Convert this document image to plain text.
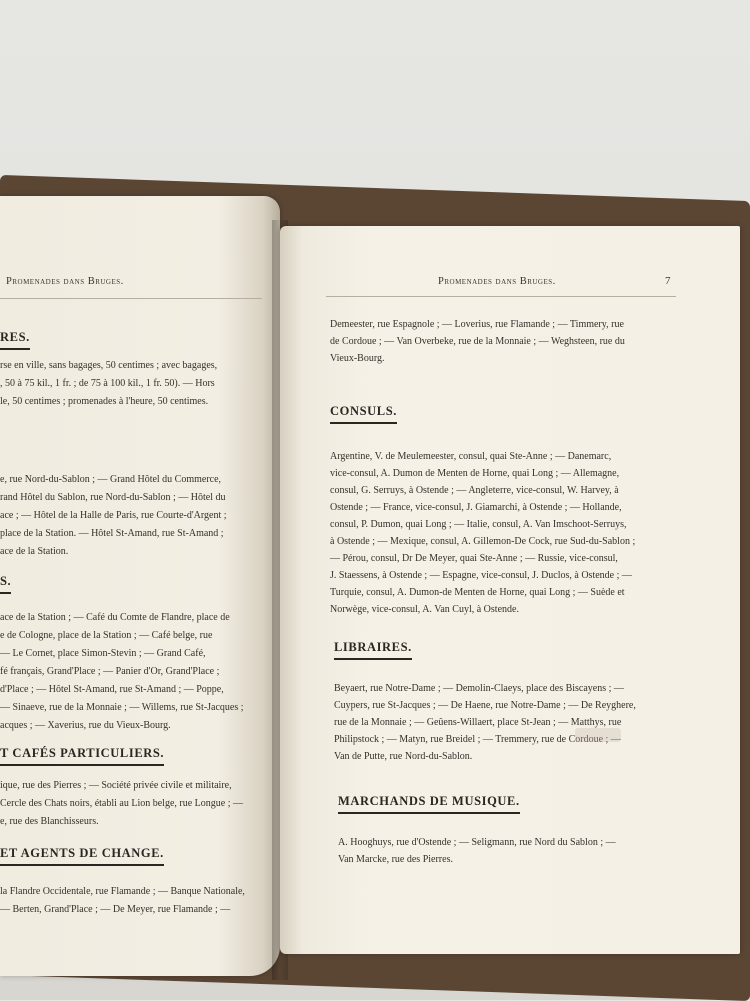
Promenades dans Bruges.
RES.
rse en ville, sans bagages, 50 centimes ; avec bagages,
, 50 à 75 kil., 1 fr. ; de 75 à 100 kil., 1 fr. 50). — Hors
le, 50 centimes ; promenades à l'heure, 50 centimes.
e, rue Nord-du-Sablon ; — Grand Hôtel du Commerce,
rand Hôtel du Sablon, rue Nord-du-Sablon ; — Hôtel du
ace ; — Hôtel de la Halle de Paris, rue Courte-d'Argent ;
place de la Station. — Hôtel St-Amand, rue St-Amand ;
ace de la Station.
S.
ace de la Station ; — Café du Comte de Flandre, place de
e de Cologne, place de la Station ; — Café belge, rue
— Le Cornet, place Simon-Stevin ; — Grand Café,
fé français, Grand'Place ; — Panier d'Or, Grand'Place ;
d'Place ; — Hôtel St-Amand, rue St-Amand ; — Poppe,
— Sinaeve, rue de la Monnaie ; — Willems, rue St-Jacques ;
acques ; — Xaverius, rue du Vieux-Bourg.
T CAFÉS PARTICULIERS.
ique, rue des Pierres ; — Société privée civile et militaire,
Cercle des Chats noirs, établi au Lion belge, rue Longue ; —
e, rue des Blanchisseurs.
ET AGENTS DE CHANGE.
la Flandre Occidentale, rue Flamande ; — Banque Nationale,
— Berten, Grand'Place ; — De Meyer, rue Flamande ; —
Promenades dans Bruges.	7
Demeester, rue Espagnole ; — Loverius, rue Flamande ; — Timmery, rue
de Cordoue ; — Van Overbeke, rue de la Monnaie ; — Weghsteen, rue du
Vieux-Bourg.
CONSULS.
Argentine, V. de Meulemeester, consul, quai Ste-Anne ; — Danemarc,
vice-consul, A. Dumon de Menten de Horne, quai Long ; — Allemagne,
consul, G. Serruys, à Ostende ; — Angleterre, vice-consul, W. Harvey, à
Ostende ; — France, vice-consul, J. Giamarchi, à Ostende ; — Hollande,
consul, P. Dumon, quai Long ; — Italie, consul, A. Van Imschoot-Serruys,
à Ostende ; — Mexique, consul, A. Gillemon-De Cock, rue Sud-du-Sablon ;
— Pérou, consul, Dr De Meyer, quai Ste-Anne ; — Russie, vice-consul,
J. Staessens, à Ostende ; — Espagne, vice-consul, J. Duclos, à Ostende ; —
Turquie, consul, A. Dumon-de Menten de Horne, quai Long ; — Suède et
Norwège, vice-consul, A. Van Cuyl, à Ostende.
LIBRAIRES.
Beyaert, rue Notre-Dame ; — Demolin-Claeys, place des Biscayens ; —
Cuypers, rue St-Jacques ; — De Haene, rue Notre-Dame ; — De Reyghere,
rue de la Monnaie ; — Geûens-Willaert, place St-Jean ; — Matthys, rue
Philipstock ; — Matyn, rue Breidel ; — Tremmery, rue de Cordoue ; —
Van de Putte, rue Nord-du-Sablon.
MARCHANDS DE MUSIQUE.
A. Hooghuys, rue d'Ostende ; — Seligmann, rue Nord du Sablon ; —
Van Marcke, rue des Pierres.
